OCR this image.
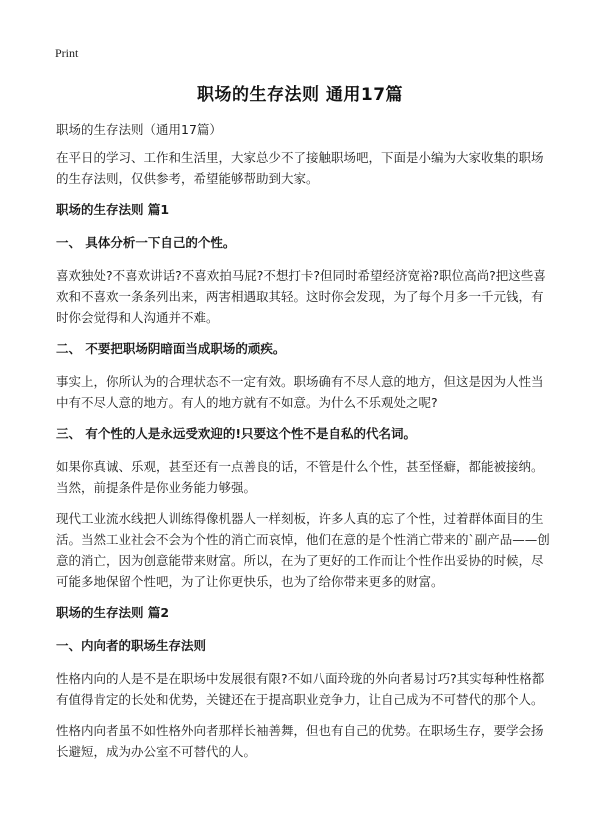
Print
职场的生存法则 通用17篇

职场的生存法则（通用17篇）

在平日的学习、工作和生活里，大家总少不了接触职场吧，下面是小编为大家收集的职场的生存法则，仅供参考，希望能够帮助到大家。

职场的生存法则 篇1

一、 具体分析一下自己的个性。

喜欢独处?不喜欢讲话?不喜欢拍马屁?不想打卡?但同时希望经济宽裕?职位高尚?把这些喜欢和不喜欢一条条列出来，两害相遇取其轻。这时你会发现，为了每个月多一千元钱，有时你会觉得和人沟通并不难。

二、 不要把职场阴暗面当成职场的顽疾。

事实上，你所认为的合理状态不一定有效。职场确有不尽人意的地方，但这是因为人性当中有不尽人意的地方。有人的地方就有不如意。为什么不乐观处之呢?

三、 有个性的人是永远受欢迎的!只要这个性不是自私的代名词。

如果你真诚、乐观，甚至还有一点善良的话，不管是什么个性，甚至怪癖，都能被接纳。当然，前提条件是你业务能力够强。

现代工业流水线把人训练得像机器人一样刻板，许多人真的忘了个性，过着群体面目的生活。当然工业社会不会为个性的消亡而哀悼，他们在意的是个性消亡带来的`副产品——创意的消亡，因为创意能带来财富。所以，在为了更好的工作而让个性作出妥协的时候，尽可能多地保留个性吧，为了让你更快乐，也为了给你带来更多的财富。

职场的生存法则 篇2

一、内向者的职场生存法则

性格内向的人是不是在职场中发展很有限?不如八面玲珑的外向者易讨巧?其实每种性格都有值得肯定的长处和优势，关键还在于提高职业竞争力，让自己成为不可替代的那个人。

性格内向者虽不如性格外向者那样长袖善舞，但也有自己的优势。在职场生存，要学会扬长避短，成为办公室不可替代的人。
